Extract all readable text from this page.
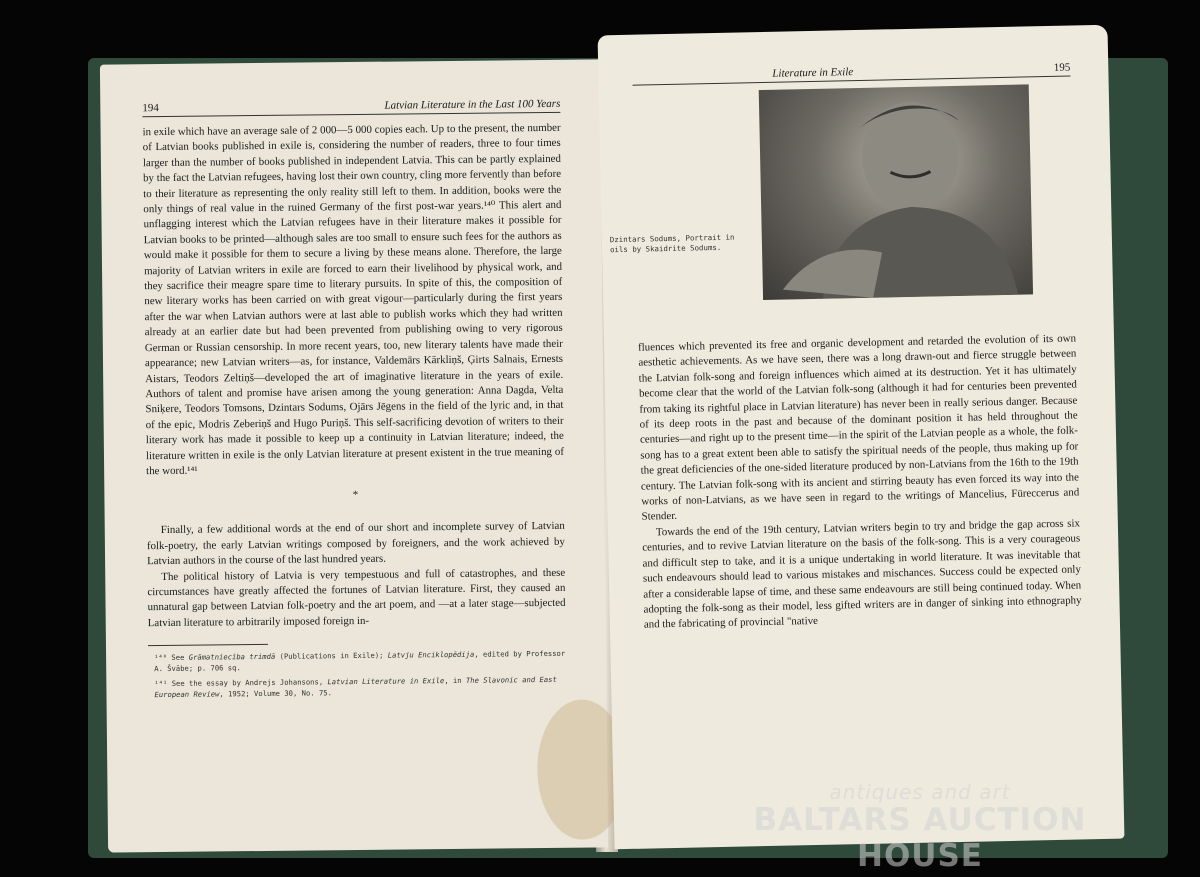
194	Latvian Literature in the Last 100 Years

in exile which have an average sale of 2 000—5 000 copies each. Up to the present, the number of Latvian books published in exile is, considering the number of readers, three to four times larger than the number of books published in independent Latvia. This can be partly explained by the fact the Latvian refugees, having lost their own country, cling more fervently than before to their literature as representing the only reality still left to them. In addition, books were the only things of real value in the ruined Germany of the first post-war years.¹⁴⁰ This alert and unflagging interest which the Latvian refugees have in their literature makes it possible for Latvian books to be printed—although sales are too small to ensure such fees for the authors as would make it possible for them to secure a living by these means alone. Therefore, the large majority of Latvian writers in exile are forced to earn their livelihood by physical work, and they sacrifice their meagre spare time to literary pursuits. In spite of this, the composition of new literary works has been carried on with great vigour—particularly during the first years after the war when Latvian authors were at last able to publish works which they had written already at an earlier date but had been prevented from publishing owing to very rigorous German or Russian censorship. In more recent years, too, new literary talents have made their appearance; new Latvian writers—as, for instance, Valdemārs Kārkliņš, Ģirts Salnais, Ernests Aistars, Teodors Zeltiņš—developed the art of imaginative literature in the years of exile. Authors of talent and promise have arisen among the young generation: Anna Dagda, Velta Sniķere, Teodors Tomsons, Dzintars Sodums, Ojārs Jēgens in the field of the lyric and, in that of the epic, Modris Zeberiņš and Hugo Puriņš. This self-sacrificing devotion of writers to their literary work has made it possible to keep up a continuity in Latvian literature; indeed, the literature written in exile is the only Latvian literature at present existent in the true meaning of the word.¹⁴¹

*

Finally, a few additional words at the end of our short and incomplete survey of Latvian folk-poetry, the early Latvian writings composed by foreigners, and the work achieved by Latvian authors in the course of the last hundred years.

The political history of Latvia is very tempestuous and full of catastrophes, and these circumstances have greatly affected the fortunes of Latvian literature. First, they caused an unnatural gap between Latvian folk-poetry and the art poem, and —at a later stage—subjected Latvian literature to arbitrarily imposed foreign in-

¹⁴⁰ See Grāmatniecība trimdā (Publications in Exile); Latvju Enciklopēdija, edited by Professor A. Švābe; p. 706 sq.
¹⁴¹ See the essay by Andrejs Johansons, Latvian Literature in Exile, in The Slavonic and East European Review, 1952; Volume 30, No. 75.
Literature in Exile	195
Dzintars Sodums, Portrait in oils by Skaidrite Sodums.

fluences which prevented its free and organic development and retarded the evolution of its own aesthetic achievements. As we have seen, there was a long drawn-out and fierce struggle between the Latvian folk-song and foreign influences which aimed at its destruction. Yet it has ultimately become clear that the world of the Latvian folk-song (although it had for centuries been prevented from taking its rightful place in Latvian literature) has never been in really serious danger. Because of its deep roots in the past and because of the dominant position it has held throughout the centuries—and right up to the present time—in the spirit of the Latvian people as a whole, the folk-song has to a great extent been able to satisfy the spiritual needs of the people, thus making up for the great deficiencies of the one-sided literature produced by non-Latvians from the 16th to the 19th century. The Latvian folk-song with its ancient and stirring beauty has even forced its way into the works of non-Latvians, as we have seen in regard to the writings of Mancelius, Füreccerus and Stender.

Towards the end of the 19th century, Latvian writers begin to try and bridge the gap across six centuries, and to revive Latvian literature on the basis of the folk-song. This is a very courageous and difficult step to take, and it is a unique undertaking in world literature. It was inevitable that such endeavours should lead to various mistakes and mischances. Success could be expected only after a considerable lapse of time, and these same endeavours are still being continued today. When adopting the folk-song as their model, less gifted writers are in danger of sinking into ethnography and the fabricating of provincial "native

antiques and art
BALTARS AUCTION HOUSE
